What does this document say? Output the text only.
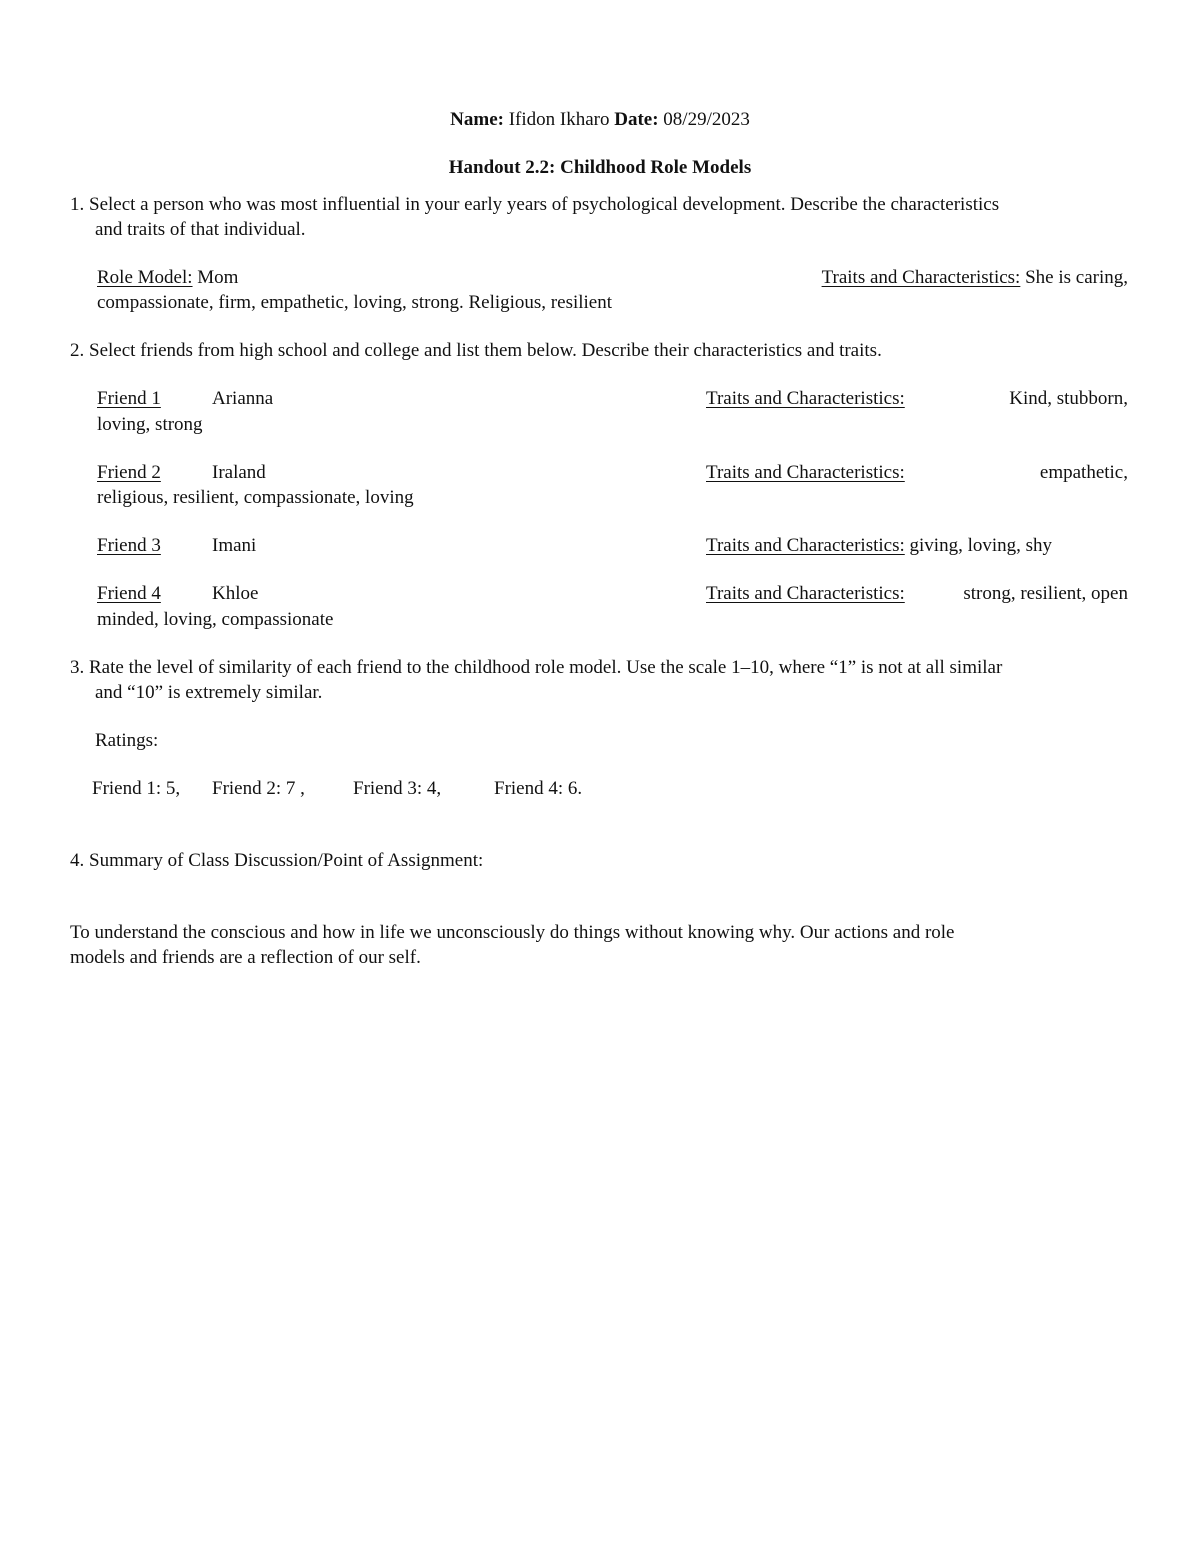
Name: Ifidon Ikharo Date: 08/29/2023
Handout 2.2: Childhood Role Models
1. Select a person who was most influential in your early years of psychological development. Describe the characteristics
and traits of that individual.
Role Model: Mom	Traits and Characteristics: She is caring,
compassionate, firm, empathetic, loving, strong. Religious, resilient
2. Select friends from high school and college and list them below. Describe their characteristics and traits.
Friend 1	Arianna	Traits and Characteristics:	Kind, stubborn,
loving, strong
Friend 2	Iraland	Traits and Characteristics:	empathetic,
religious, resilient, compassionate, loving
Friend 3	Imani	Traits and Characteristics: giving, loving, shy
Friend 4	Khloe	Traits and Characteristics:	strong, resilient, open
minded, loving, compassionate
3. Rate the level of similarity of each friend to the childhood role model. Use the scale 1–10, where “1” is not at all similar
and “10” is extremely similar.
Ratings:
Friend 1: 5, Friend 2: 7 ,	Friend 3: 4,	Friend 4: 6.
4. Summary of Class Discussion/Point of Assignment:
To understand the conscious and how in life we unconsciously do things without knowing why. Our actions and role
models and friends are a reflection of our self.
